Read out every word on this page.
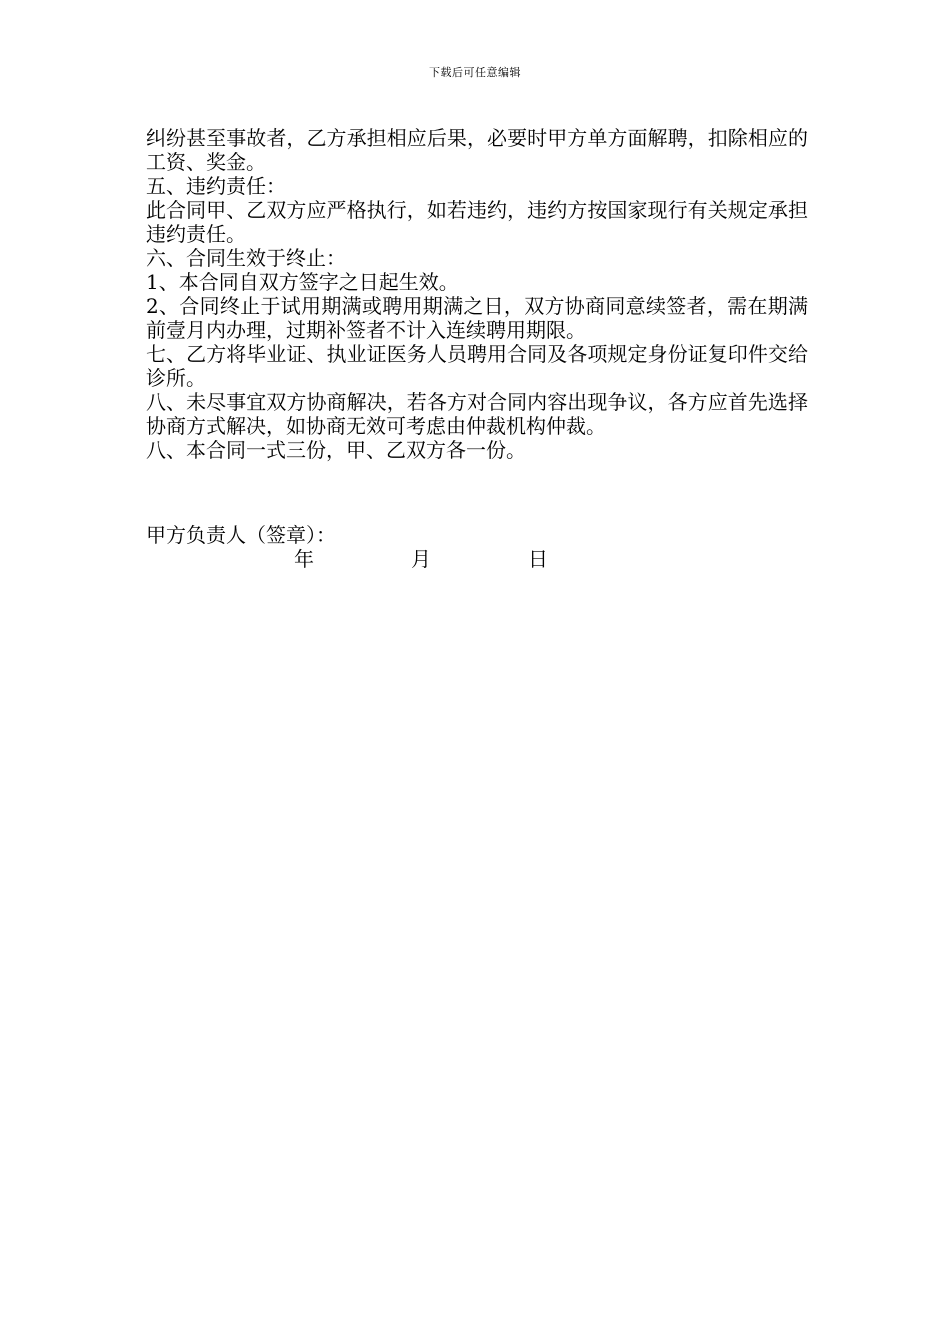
下载后可任意编辑

纠纷甚至事故者，乙方承担相应后果，必要时甲方单方面解聘，扣除相应的工资、奖金。

五、违约责任：

此合同甲、乙双方应严格执行，如若违约，违约方按国家现行有关规定承担违约责任。

六、合同生效于终止：

1、本合同自双方签字之日起生效。

2、合同终止于试用期满或聘用期满之日，双方协商同意续签者，需在期满前壹月内办理，过期补签者不计入连续聘用期限。

七、乙方将毕业证、执业证医务人员聘用合同及各项规定身份证复印件交给诊所。

八、未尽事宜双方协商解决，若各方对合同内容出现争议，各方应首先选择协商方式解决，如协商无效可考虑由仲裁机构仲裁。

八、本合同一式三份，甲、乙双方各一份。

甲方负责人（签章）：

年	月	日
